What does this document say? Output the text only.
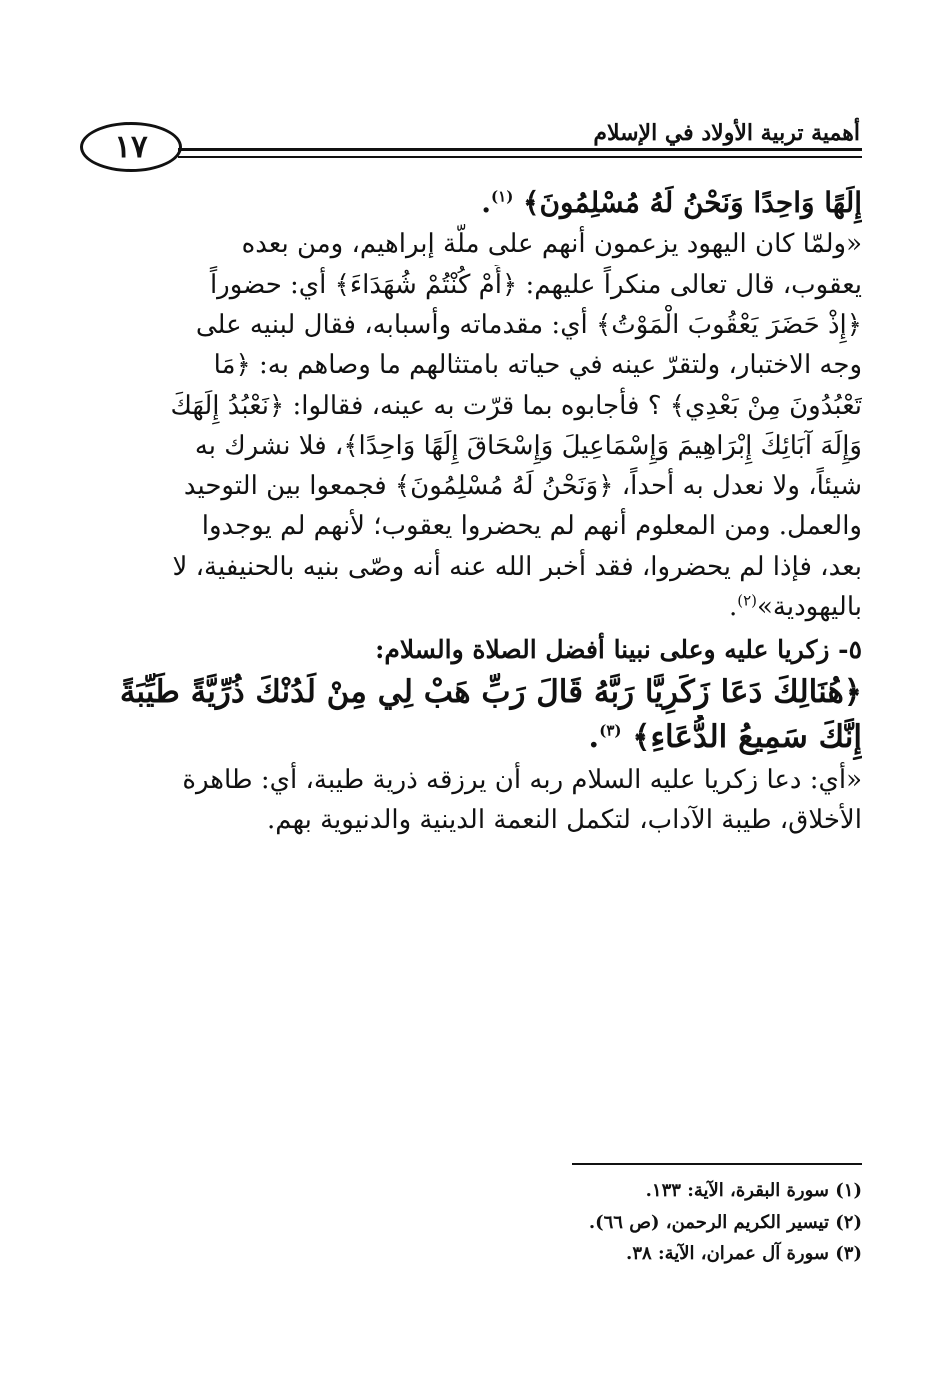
١٧	أهمية تربية الأولاد في الإسلام

إِلَهًا وَاحِدًا وَنَحْنُ لَهُ مُسْلِمُونَ﴾ $^{(١)}$.

«ولمّا كان اليهود يزعمون أنهم على ملّة إبراهيم، ومن بعده

يعقوب، قال تعالى منكراً عليهم: ﴿أَمْ كُنْتُمْ شُهَدَاءَ﴾ أي: حضوراً

﴿إِذْ حَضَرَ يَعْقُوبَ الْمَوْتُ﴾ أي: مقدماته وأسبابه، فقال لبنيه على

وجه الاختبار، ولتقرّ عينه في حياته بامتثالهم ما وصاهم به: ﴿مَا

تَعْبُدُونَ مِنْ بَعْدِي﴾ ؟ فأجابوه بما قرّت به عينه، فقالوا: ﴿نَعْبُدُ إِلَهَكَ

وَإِلَهَ آبَائِكَ إِبْرَاهِيمَ وَإِسْمَاعِيلَ وَإِسْحَاقَ إِلَهًا وَاحِدًا﴾، فلا نشرك به

شيئاً، ولا نعدل به أحداً، ﴿وَنَحْنُ لَهُ مُسْلِمُونَ﴾ فجمعوا بين التوحيد

والعمل. ومن المعلوم أنهم لم يحضروا يعقوب؛ لأنهم لم يوجدوا

بعد، فإذا لم يحضروا، فقد أخبر الله عنه أنه وصّى بنيه بالحنيفية، لا

باليهودية»$^{(٢)}$.

٥- زكريا عليه وعلى نبينا أفضل الصلاة والسلام:

﴿هُنَالِكَ دَعَا زَكَرِيَّا رَبَّهُ قَالَ رَبِّ هَبْ لِي مِنْ لَدُنْكَ ذُرِّيَّةً طَيِّبَةً

إِنَّكَ سَمِيعُ الدُّعَاءِ﴾ $^{(٣)}$.

«أي: دعا زكريا عليه السلام ربه أن يرزقه ذرية طيبة، أي: طاهرة

الأخلاق، طيبة الآداب، لتكمل النعمة الدينية والدنيوية بهم.

(١) سورة البقرة، الآية: ١٣٣.
(٢) تيسير الكريم الرحمن، (ص ٦٦).
(٣) سورة آل عمران، الآية: ٣٨.
